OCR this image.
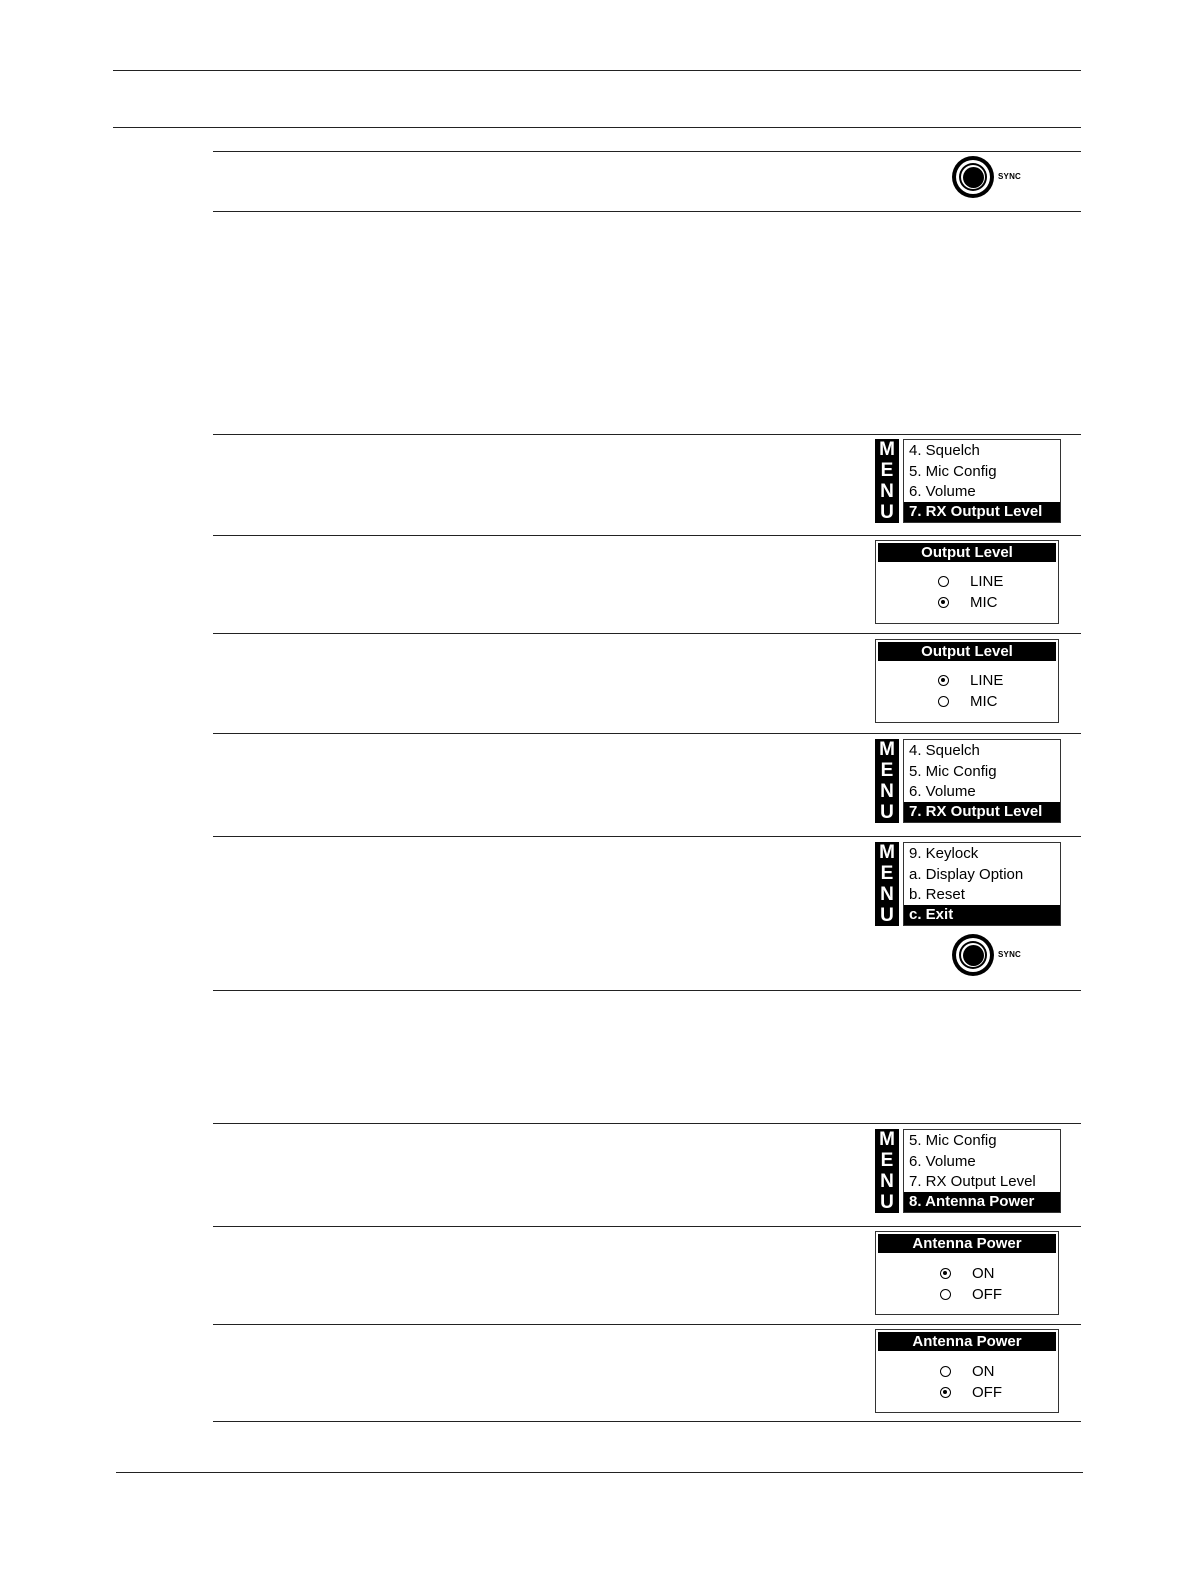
SYNC
M
E
N
U
4. Squelch
5. Mic Config
6. Volume
7. RX Output Level
Output Level
LINE
MIC
Output Level
LINE
MIC
M
E
N
U
4. Squelch
5. Mic Config
6. Volume
7. RX Output Level
M
E
N
U
9. Keylock
a. Display Option
b. Reset
c. Exit
SYNC
M
E
N
U
5. Mic Config
6. Volume
7. RX Output Level
8. Antenna Power
Antenna Power
ON
OFF
Antenna Power
ON
OFF
